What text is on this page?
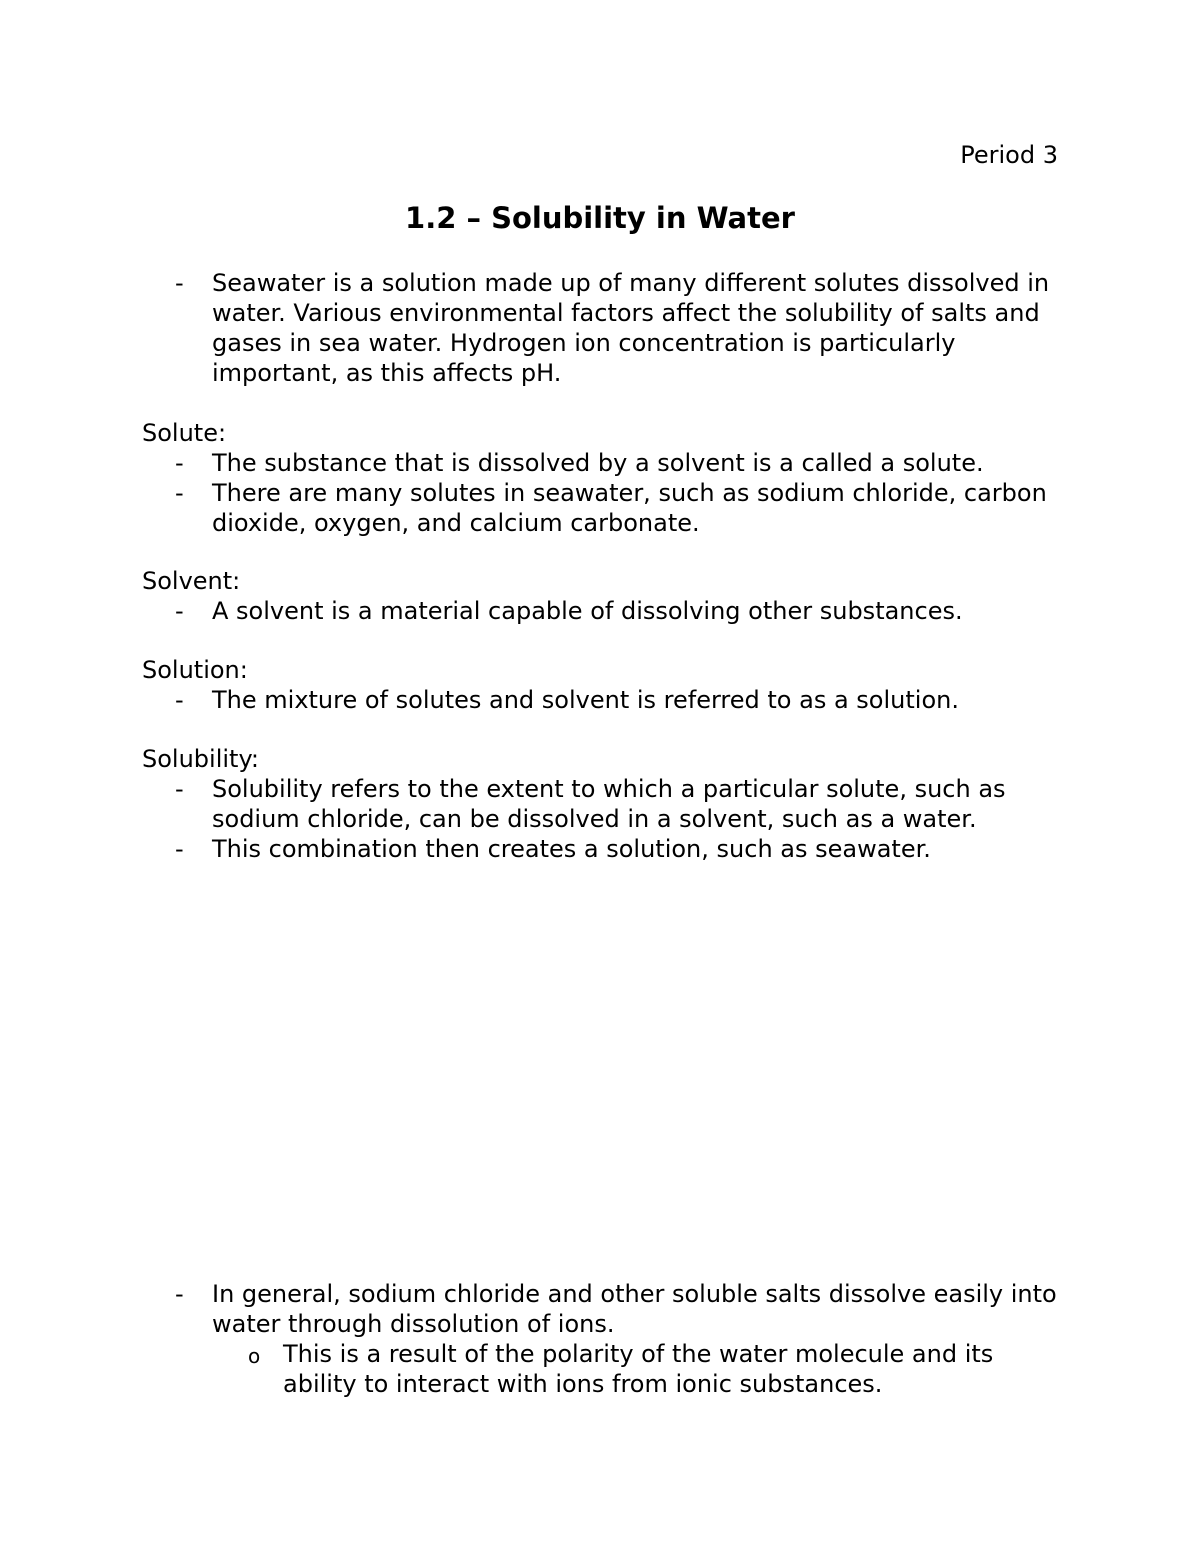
Period 3

1.2 – Solubility in Water
- Seawater is a solution made up of many different solutes dissolved in water. Various environmental factors affect the solubility of salts and gases in sea water. Hydrogen ion concentration is particularly important, as this affects pH.

Solute:

- The substance that is dissolved by a solvent is a called a solute.
- There are many solutes in seawater, such as sodium chloride, carbon dioxide, oxygen, and calcium carbonate.

Solvent:

- A solvent is a material capable of dissolving other substances.

Solution:

- The mixture of solutes and solvent is referred to as a solution.

Solubility:

- Solubility refers to the extent to which a particular solute, such as sodium chloride, can be dissolved in a solvent, such as a water.
- This combination then creates a solution, such as seawater.
- In general, sodium chloride and other soluble salts dissolve easily into water through dissolution of ions.
o This is a result of the polarity of the water molecule and its ability to interact with ions from ionic substances.
